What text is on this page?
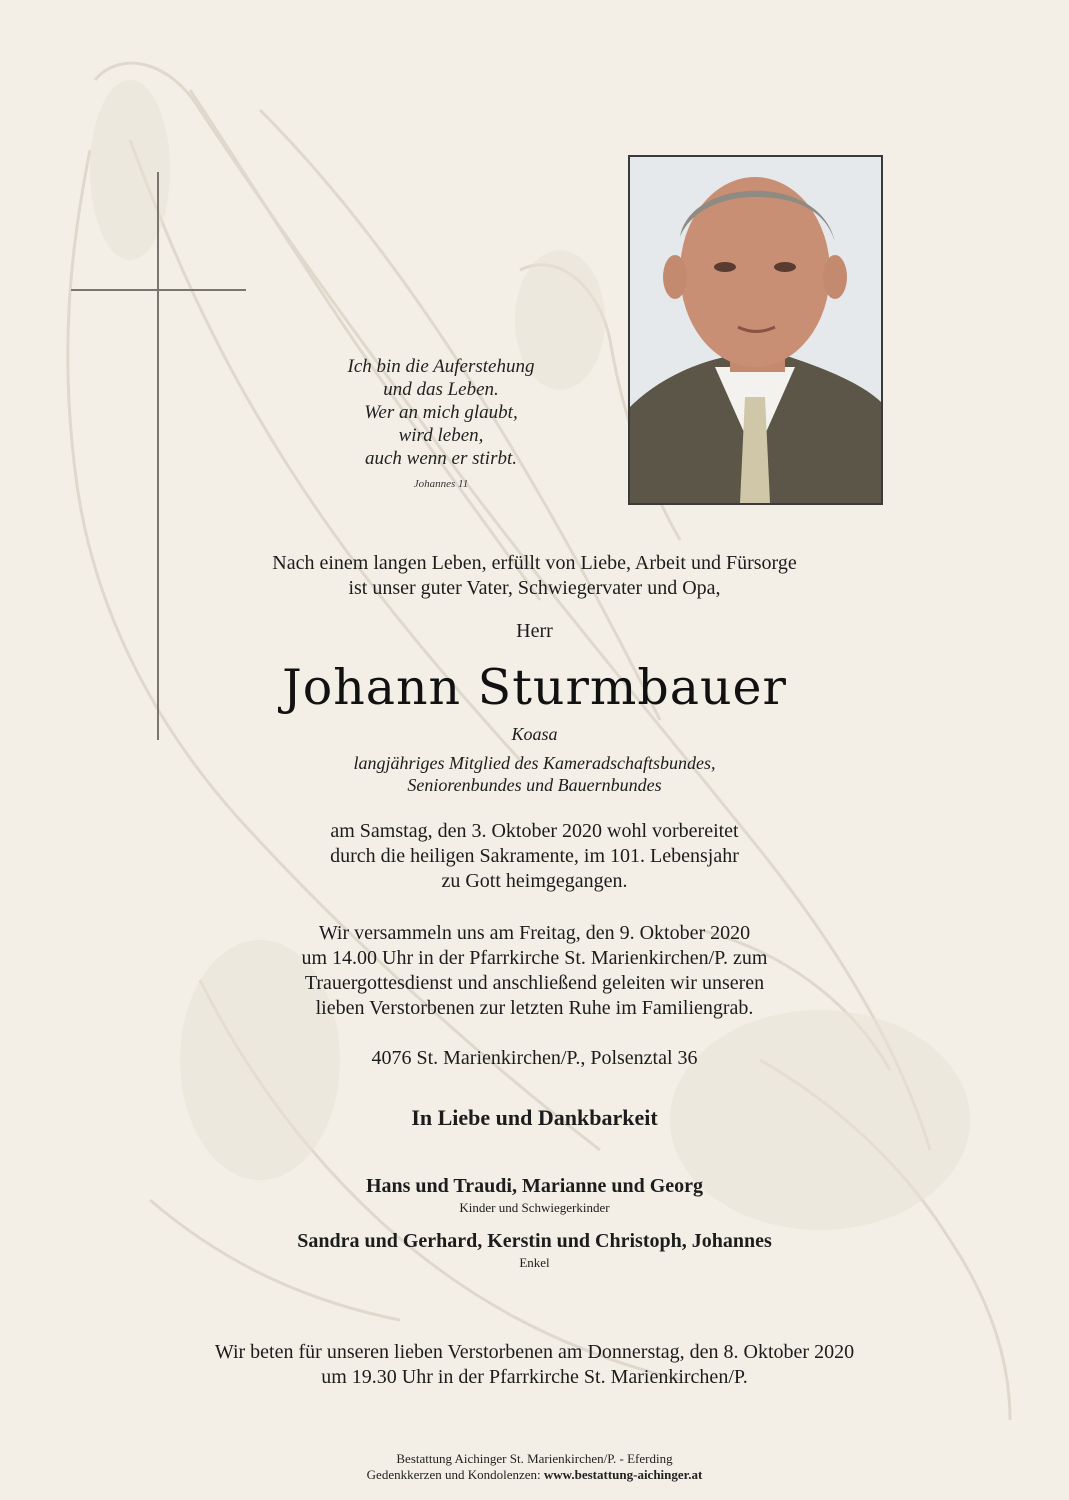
Ich bin die Auferstehung
und das Leben.
Wer an mich glaubt,
wird leben,
auch wenn er stirbt.
Johannes 11
Nach einem langen Leben, erfüllt von Liebe, Arbeit und Fürsorge
ist unser guter Vater, Schwiegervater und Opa,
Herr
Johann Sturmbauer
Koasa
langjähriges Mitglied des Kameradschaftsbundes,
Seniorenbundes und Bauernbundes
am Samstag, den 3. Oktober 2020 wohl vorbereitet
durch die heiligen Sakramente, im 101. Lebensjahr
zu Gott heimgegangen.
Wir versammeln uns am Freitag, den 9. Oktober 2020
um 14.00 Uhr in der Pfarrkirche St. Marienkirchen/P. zum
Trauergottesdienst und anschließend geleiten wir unseren
lieben Verstorbenen zur letzten Ruhe im Familiengrab.
4076 St. Marienkirchen/P., Polsenztal 36
In Liebe und Dankbarkeit
Hans und Traudi, Marianne und Georg
Kinder und Schwiegerkinder
Sandra und Gerhard, Kerstin und Christoph, Johannes
Enkel
Wir beten für unseren lieben Verstorbenen am Donnerstag, den 8. Oktober 2020
um 19.30 Uhr in der Pfarrkirche St. Marienkirchen/P.
Bestattung Aichinger St. Marienkirchen/P. - Eferding
Gedenkkerzen und Kondolenzen: www.bestattung-aichinger.at
